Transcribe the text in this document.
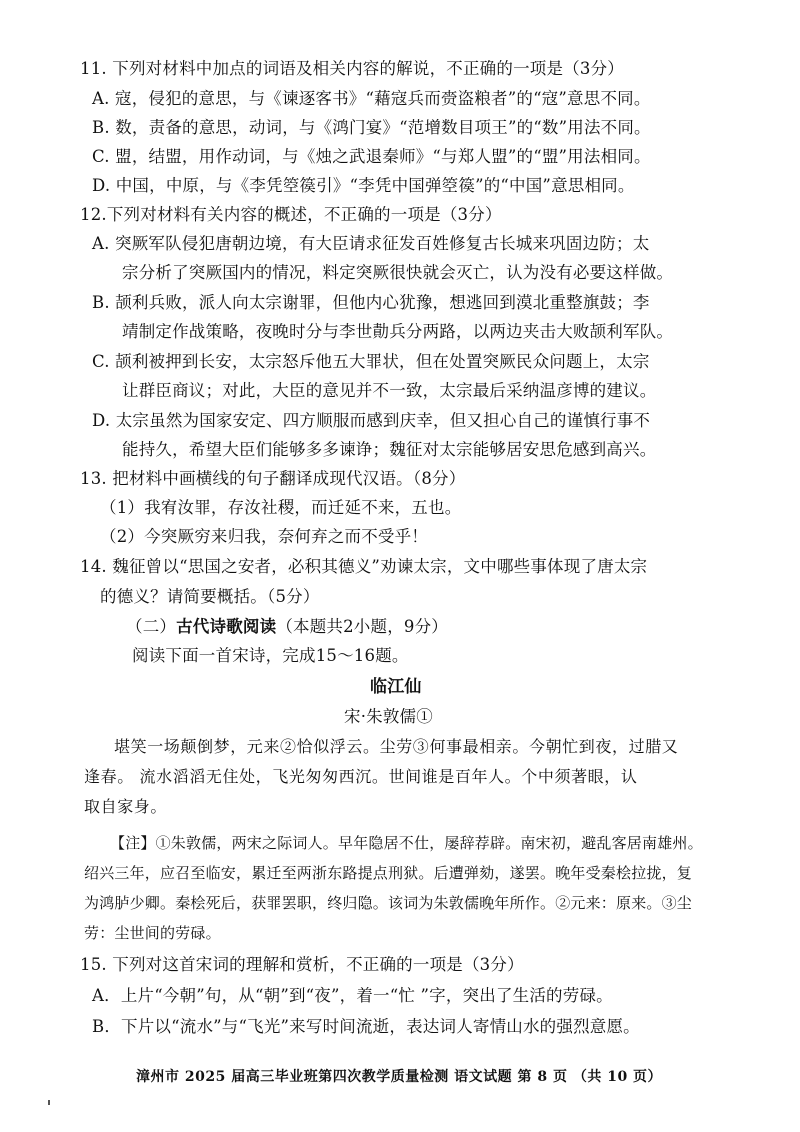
11. 下列对材料中加点的词语及相关内容的解说，不正确的一项是（3分）
A. 寇，侵犯的意思，与《谏逐客书》“藉寇兵而赍盗粮者”的“寇”意思不同。
B. 数，责备的意思，动词，与《鸿门宴》“范增数目项王”的“数”用法不同。
C. 盟，结盟，用作动词，与《烛之武退秦师》“与郑人盟”的“盟”用法相同。
D. 中国，中原，与《李凭箜篌引》“李凭中国弹箜篌”的“中国”意思相同。
12.下列对材料有关内容的概述，不正确的一项是（3分）
A. 突厥军队侵犯唐朝边境，有大臣请求征发百姓修复古长城来巩固边防；太
宗分析了突厥国内的情况，料定突厥很快就会灭亡，认为没有必要这样做。
B. 颉利兵败，派人向太宗谢罪，但他内心犹豫，想逃回到漠北重整旗鼓；李
靖制定作战策略，夜晚时分与李世勣兵分两路，以两边夹击大败颉利军队。
C. 颉利被押到长安，太宗怒斥他五大罪状，但在处置突厥民众问题上，太宗
让群臣商议；对此，大臣的意见并不一致，太宗最后采纳温彦博的建议。
D. 太宗虽然为国家安定、四方顺服而感到庆幸，但又担心自己的谨慎行事不
能持久，希望大臣们能够多多谏诤；魏征对太宗能够居安思危感到高兴。
13. 把材料中画横线的句子翻译成现代汉语。（8分）
（1）我宥汝罪，存汝社稷，而迁延不来，五也。
（2）今突厥穷来归我，奈何弃之而不受乎！
14. 魏征曾以“思国之安者，必积其德义”劝谏太宗，文中哪些事体现了唐太宗
的德义？请简要概括。（5分）
（二）古代诗歌阅读（本题共2小题，9分）
阅读下面一首宋诗，完成15～16题。
临江仙
宋·朱敦儒①
堪笑一场颠倒梦，元来②恰似浮云。尘劳③何事最相亲。今朝忙到夜，过腊又
逢春。 流水滔滔无住处，飞光匆匆西沉。世间谁是百年人。个中须著眼，认
取自家身。
【注】①朱敦儒，两宋之际词人。早年隐居不仕，屡辞荐辟。南宋初，避乱客居南雄州。
绍兴三年，应召至临安，累迁至两浙东路提点刑狱。后遭弹劾，遂罢。晚年受秦桧拉拢，复
为鸿胪少卿。秦桧死后，获罪罢职，终归隐。该词为朱敦儒晚年所作。②元来：原来。③尘
劳：尘世间的劳碌。
15. 下列对这首宋词的理解和赏析，不正确的一项是（3分）
A．上片“今朝”句，从“朝”到“夜”，着一“忙 ”字，突出了生活的劳碌。
B．下片以“流水”与“飞光”来写时间流逝，表达词人寄情山水的强烈意愿。
漳州市 2025 届高三毕业班第四次教学质量检测 语文试题 第 8 页 （共 10 页）
